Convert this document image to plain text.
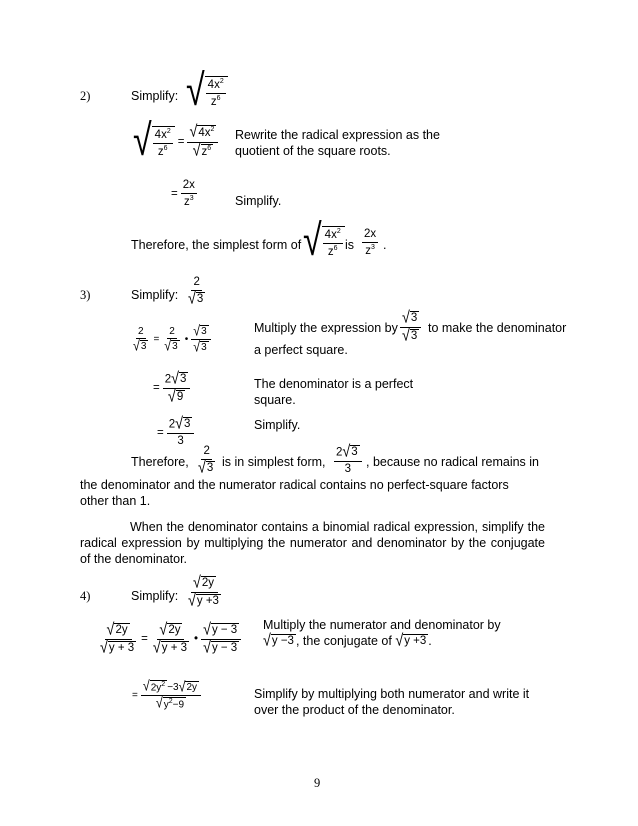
2)	Simplify: √ $\frac{4x^2}{z^6}$
√ $\frac{4x^2}{z^6} = \frac{√ 4x^2}{√ z^6}$ Rewrite the radical expression as the
quotient of the square roots.
= $\frac{2x}{z^3}$	Simplify.
Therefore, the simplest form of √ $\frac{4x^2}{z^6}$ is $\frac{2x}{z^3}$ .
3)	Simplify: $\frac{2}{√ 3}$
$\frac{2}{√ 3} = \frac{2}{√ 3}$ • $\frac{√ 3}{√ 3}$	Multiply the expression by $\frac{√ 3}{√ 3}$ to make the denominator
a perfect square.
= $\frac{2 √ 3}{√ 9}$	The denominator is a perfect
square.
= $\frac{2 √ 3}{3}$	Simplify.
Therefore, $\frac{2}{√ 3}$ is in simplest form, $\frac{2 √ 3}{3}$ , because no radical remains in
the denominator and the numerator radical contains no perfect-square factors
other than 1.
When the denominator contains a binomial radical expression, simplify the radical expression by multiplying the numerator and denominator by the conjugate of the denominator.
4)	Simplify: $\frac{√ 2y}{√ y +3}$
$\frac{√ 2y}{√ y + 3} = \frac{√ 2y}{√ y + 3}$ • $\frac{√ y - 3}{√ y - 3}$ Multiply the numerator and denominator by
√ y −3 , the conjugate of √ y +3 .
= $\frac{√ 2y^2 -3 √ 2y}{√ y^2-9}$	Simplify by multiplying both numerator and write it
over the product of the denominator.
9
